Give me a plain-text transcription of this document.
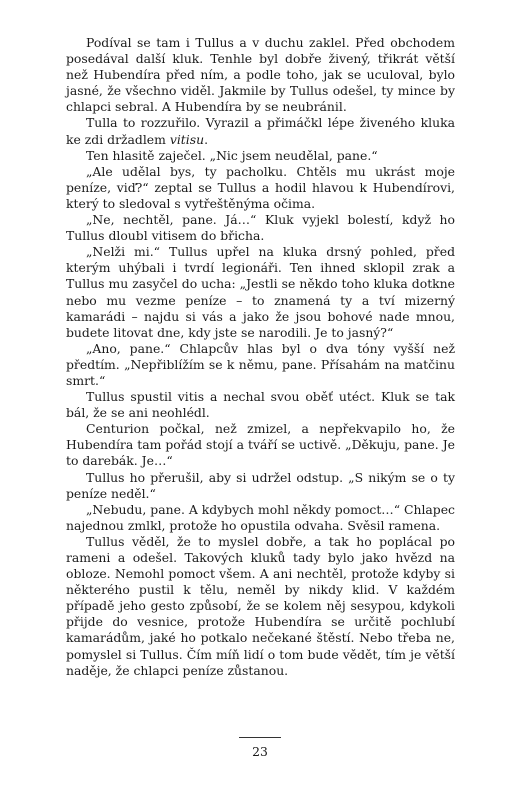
Podíval se tam i Tullus a v duchu zaklel. Před obchodem posedával další kluk. Tenhle byl dobře živený, třikrát větší než Hubendíra před ním, a podle toho, jak se uculoval, bylo jasné, že všechno viděl. Jakmile by Tullus odešel, ty mince by chlapci sebral. A Hubendíra by se neubránil.

Tulla to rozzuřilo. Vyrazil a přimáčkl lépe živeného kluka ke zdi držadlem vitisu.

Ten hlasitě zaječel. „Nic jsem neudělal, pane.“

„Ale udělal bys, ty pacholku. Chtěls mu ukrást moje peníze, viď?“ zeptal se Tullus a hodil hlavou k Hubendírovi, který to sledoval s vytřeštěnýma očima.

„Ne, nechtěl, pane. Já…“ Kluk vyjekl bolestí, když ho Tullus dloubl vitisem do břicha.

„Nelži mi.“ Tullus upřel na kluka drsný pohled, před kterým uhýbali i tvrdí legionáři. Ten ihned sklopil zrak a Tullus mu zasyčel do ucha: „Jestli se někdo toho kluka dotkne nebo mu vezme peníze – to znamená ty a tví mizerný kamarádi – najdu si vás a jako že jsou bohové nade mnou, budete litovat dne, kdy jste se narodili. Je to jasný?“

„Ano, pane.“ Chlapcův hlas byl o dva tóny vyšší než předtím. „Nepřiblížím se k němu, pane. Přísahám na matčinu smrt.“

Tullus spustil vitis a nechal svou oběť utéct. Kluk se tak bál, že se ani neohlédl.

Centurion počkal, než zmizel, a nepřekvapilo ho, že Hubendíra tam pořád stojí a tváří se uctivě. „Děkuju, pane. Je to darebák. Je…“

Tullus ho přerušil, aby si udržel odstup. „S nikým se o ty peníze neděl.“

„Nebudu, pane. A kdybych mohl někdy pomoct…“ Chlapec najednou zmlkl, protože ho opustila odvaha. Svěsil ramena.

Tullus věděl, že to myslel dobře, a tak ho poplácal po rameni a odešel. Takových kluků tady bylo jako hvězd na obloze. Nemohl pomoct všem. A ani nechtěl, protože kdyby si některého pustil k tělu, neměl by nikdy klid. V každém případě jeho gesto způsobí, že se kolem něj sesypou, kdykoli přijde do vesnice, protože Hubendíra se určitě pochlubí kamarádům, jaké ho potkalo nečekané štěstí. Nebo třeba ne, pomyslel si Tullus. Čím míň lidí o tom bude vědět, tím je větší naděje, že chlapci peníze zůstanou.

23
